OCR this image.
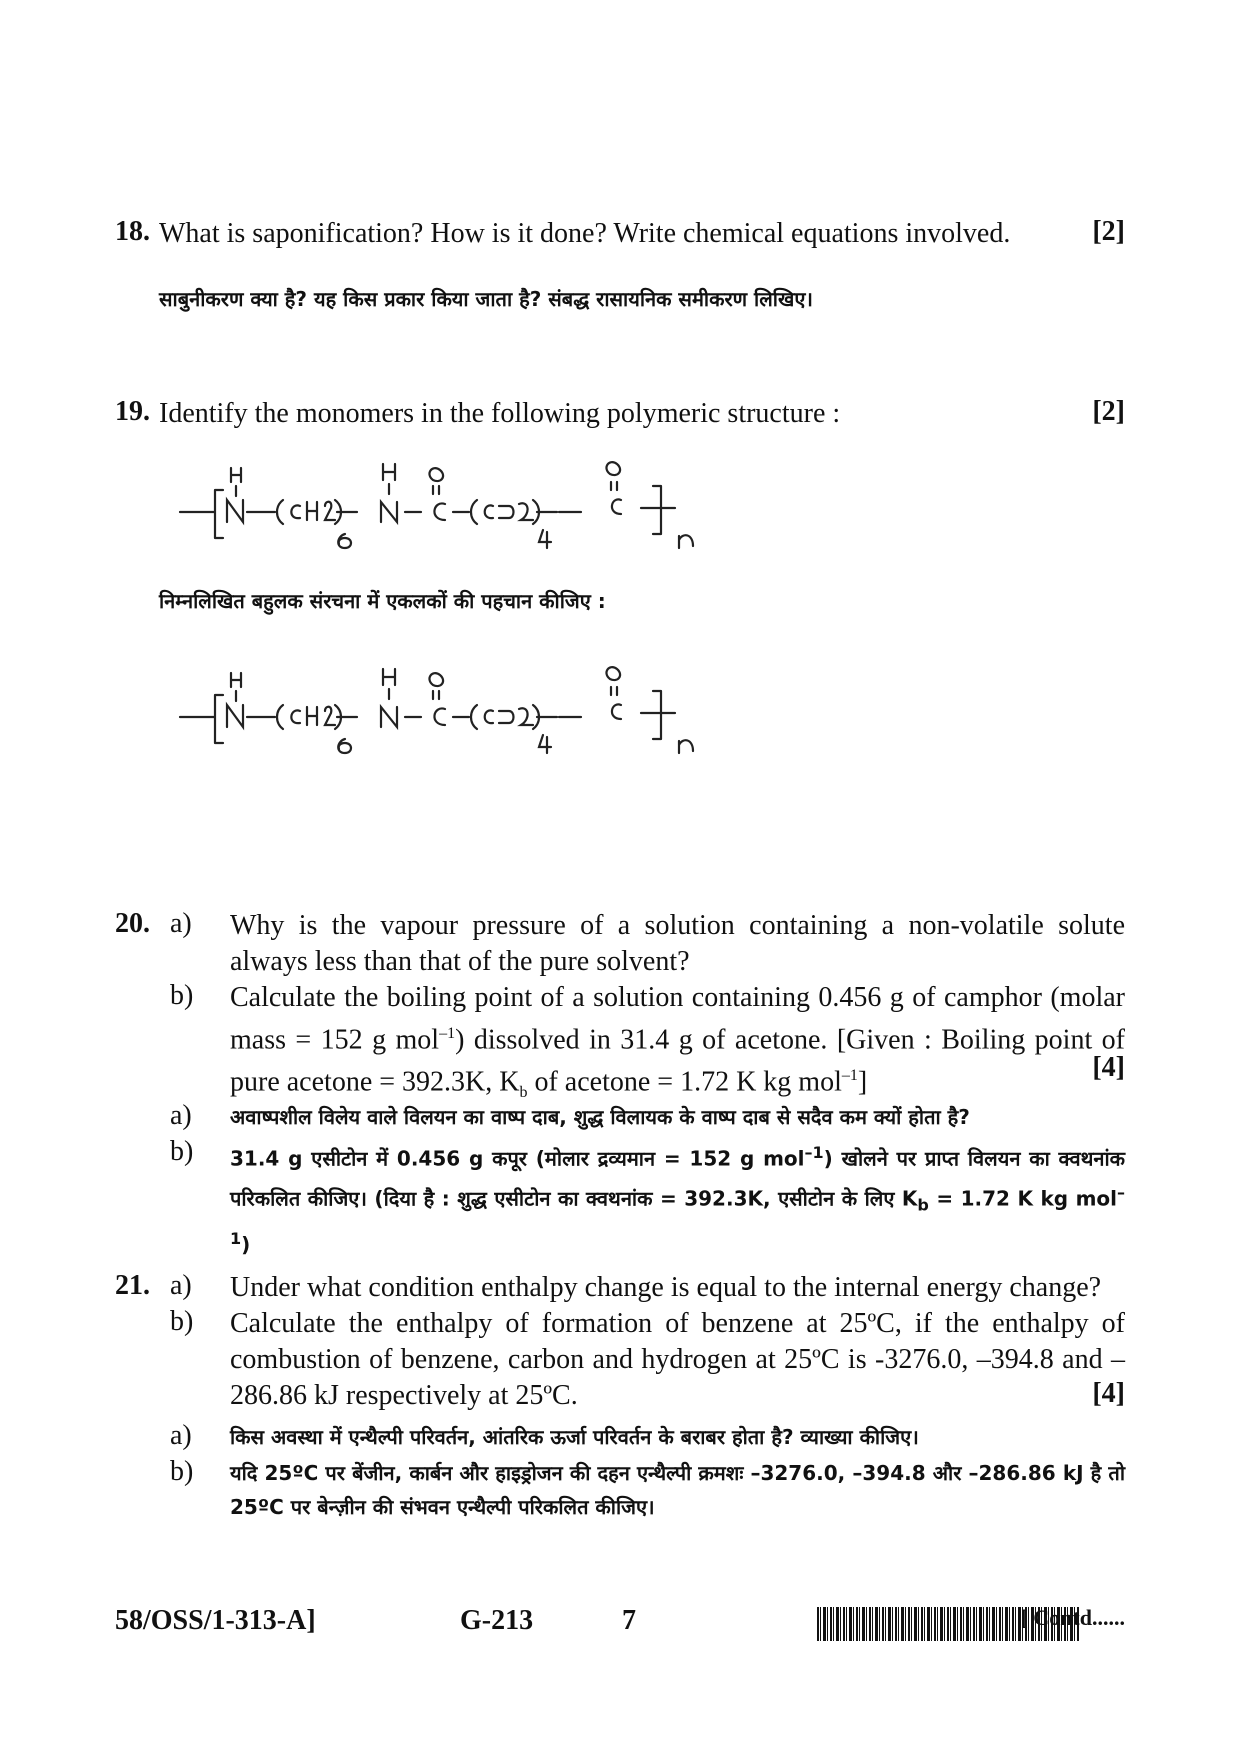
18. What is saponification? How is it done? Write chemical equations involved.	[2]
साबुनीकरण क्या है? यह किस प्रकार किया जाता है? संबद्ध रासायनिक समीकरण लिखिए।
19. Identify the monomers in the following polymeric structure :	[2]
निम्नलिखित बहुलक संरचना में एकलकों की पहचान कीजिए :
20. a) Why is the vapour pressure of a solution containing a non-volatile solute always less than that of the pure solvent?
b) Calculate the boiling point of a solution containing 0.456 g of camphor (molar mass = 152 g mol$^{-1}$) dissolved in 31.4 g of acetone. [Given : Boiling point of pure acetone = 392.3K, $K_b$ of acetone = 1.72 K kg mol$^{-1}$]	[4]
a) अवाष्पशील विलेय वाले विलयन का वाष्प दाब, शुद्ध विलायक के वाष्प दाब से सदैव कम क्यों होता है?
b) 31.4 g एसीटोन में 0.456 g कपूर (मोलार द्रव्यमान = 152 g mol$^{-1}$) खोलने पर प्राप्त विलयन का क्वथनांक परिकलित कीजिए। (दिया है : शुद्ध एसीटोन का क्वथनांक = 392.3K, एसीटोन के लिए $K_b = 1.72$ K kg mol$^{-1}$)
21. a) Under what condition enthalpy change is equal to the internal energy change?
b) Calculate the enthalpy of formation of benzene at 25ºC, if the enthalpy of combustion of benzene, carbon and hydrogen at 25ºC is -3276.0, –394.8 and –286.86 kJ respectively at 25ºC.	[4]
a) किस अवस्था में एन्थैल्पी परिवर्तन, आंतरिक ऊर्जा परिवर्तन के बराबर होता है? व्याख्या कीजिए।
b) यदि 25ºC पर बेंजीन, कार्बन और हाइड्रोजन की दहन एन्थैल्पी क्रमशः –3276.0, –394.8 और –286.86 kJ है तो 25ºC पर बेन्ज़ीन की संभवन एन्थैल्पी परिकलित कीजिए।
58/OSS/1-313-A]	G-213	7	[ Contd......
